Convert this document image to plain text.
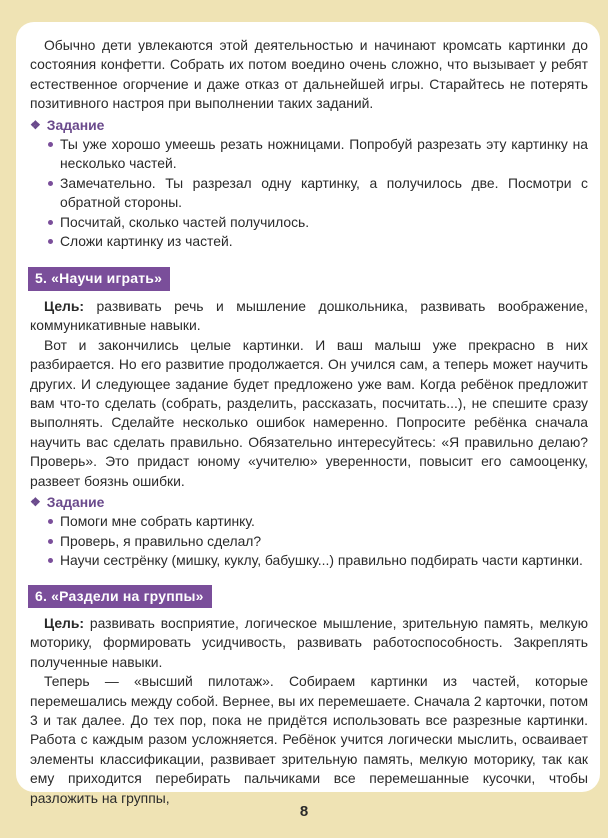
Обычно дети увлекаются этой деятельностью и начинают кромсать картинки до состояния конфетти. Собрать их потом воедино очень сложно, что вызывает у ребят естественное огорчение и даже отказ от дальнейшей игры. Старайтесь не потерять позитивного настроя при выполнении таких заданий.

❖ Задание
Ты уже хорошо умеешь резать ножницами. Попробуй разрезать эту картинку на несколько частей.
Замечательно. Ты разрезал одну картинку, а получилось две. Посмотри с обратной стороны.
Посчитай, сколько частей получилось.
Сложи картинку из частей.
5. «Научи играть»

Цель: развивать речь и мышление дошкольника, развивать воображение, коммуникативные навыки.

Вот и закончились целые картинки. И ваш малыш уже прекрасно в них разбирается. Но его развитие продолжается. Он учился сам, а теперь может научить других. И следующее задание будет предложено уже вам. Когда ребёнок предложит вам что-то сделать (собрать, разделить, рассказать, посчитать...), не спешите сразу выполнять. Сделайте несколько ошибок намеренно. Попросите ребёнка сначала научить вас сделать правильно. Обязательно интересуйтесь: «Я правильно делаю? Проверь». Это придаст юному «учителю» уверенности, повысит его самооценку, развеет боязнь ошибки.

❖ Задание
Помоги мне собрать картинку.
Проверь, я правильно сделал?
Научи сестрёнку (мишку, куклу, бабушку...) правильно подбирать части картинки.
6. «Раздели на группы»

Цель: развивать восприятие, логическое мышление, зрительную память, мелкую моторику, формировать усидчивость, развивать работоспособность. Закреплять полученные навыки.

Теперь — «высший пилотаж». Собираем картинки из частей, которые перемешались между собой. Вернее, вы их перемешаете. Сначала 2 карточки, потом 3 и так далее. До тех пор, пока не придётся использовать все разрезные картинки. Работа с каждым разом усложняется. Ребёнок учится логически мыслить, осваивает элементы классификации, развивает зрительную память, мелкую моторику, так как ему приходится перебирать пальчиками все перемешанные кусочки, чтобы разложить на группы,

8
